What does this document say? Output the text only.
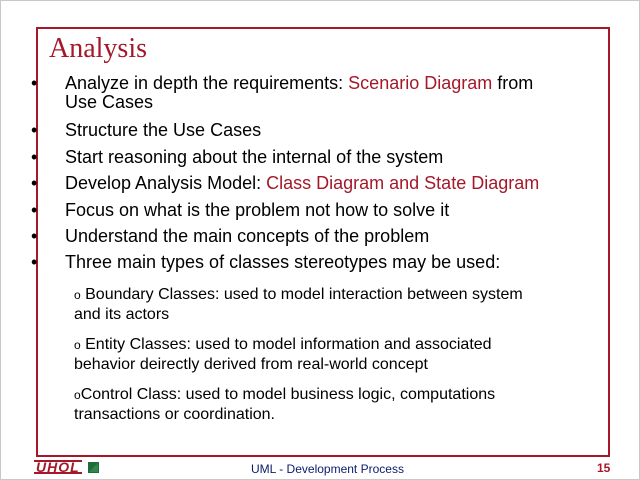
Analysis
• Analyze in depth the requirements: Scenario Diagram from
Use Cases
• Structure the Use Cases
• Start reasoning about the internal of the system
• Develop Analysis Model: Class Diagram and State Diagram
• Focus on what is the problem not how to solve it
• Understand the main concepts of the problem
• Three main types of classes stereotypes may be used:
o Boundary Classes: used to model interaction between system
and its actors
o Entity Classes: used to model information and associated
behavior deirectly derived from real-world concept
oControl Class: used to model business logic, computations
transactions or coordination.
UHOL	UML - Development Process	15
